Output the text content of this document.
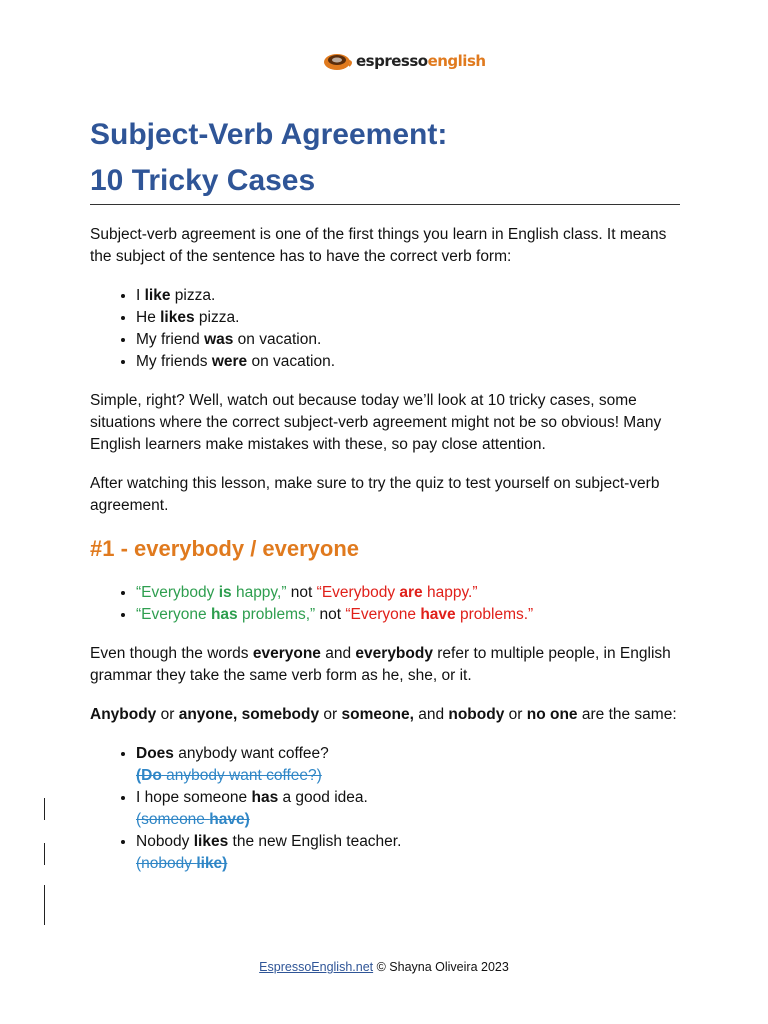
espressoenglish
Subject-Verb Agreement:
10 Tricky Cases

Subject-verb agreement is one of the first things you learn in English class. It means the subject of the sentence has to have the correct verb form:

• I like pizza.
• He likes pizza.
• My friend was on vacation.
• My friends were on vacation.

Simple, right? Well, watch out because today we’ll look at 10 tricky cases, some situations where the correct subject-verb agreement might not be so obvious! Many English learners make mistakes with these, so pay close attention.

After watching this lesson, make sure to try the quiz to test yourself on subject-verb agreement.

#1 - everybody / everyone
• “Everybody is happy,” not “Everybody are happy.”
• “Everyone has problems,” not “Everyone have problems.”

Even though the words everyone and everybody refer to multiple people, in English grammar they take the same verb form as he, she, or it.

Anybody or anyone, somebody or someone, and nobody or no one are the same:

• Does anybody want coffee?
(Do anybody want coffee?)
• I hope someone has a good idea.
(someone have)
• Nobody likes the new English teacher.
(nobody like)
EspressoEnglish.net © Shayna Oliveira 2023
